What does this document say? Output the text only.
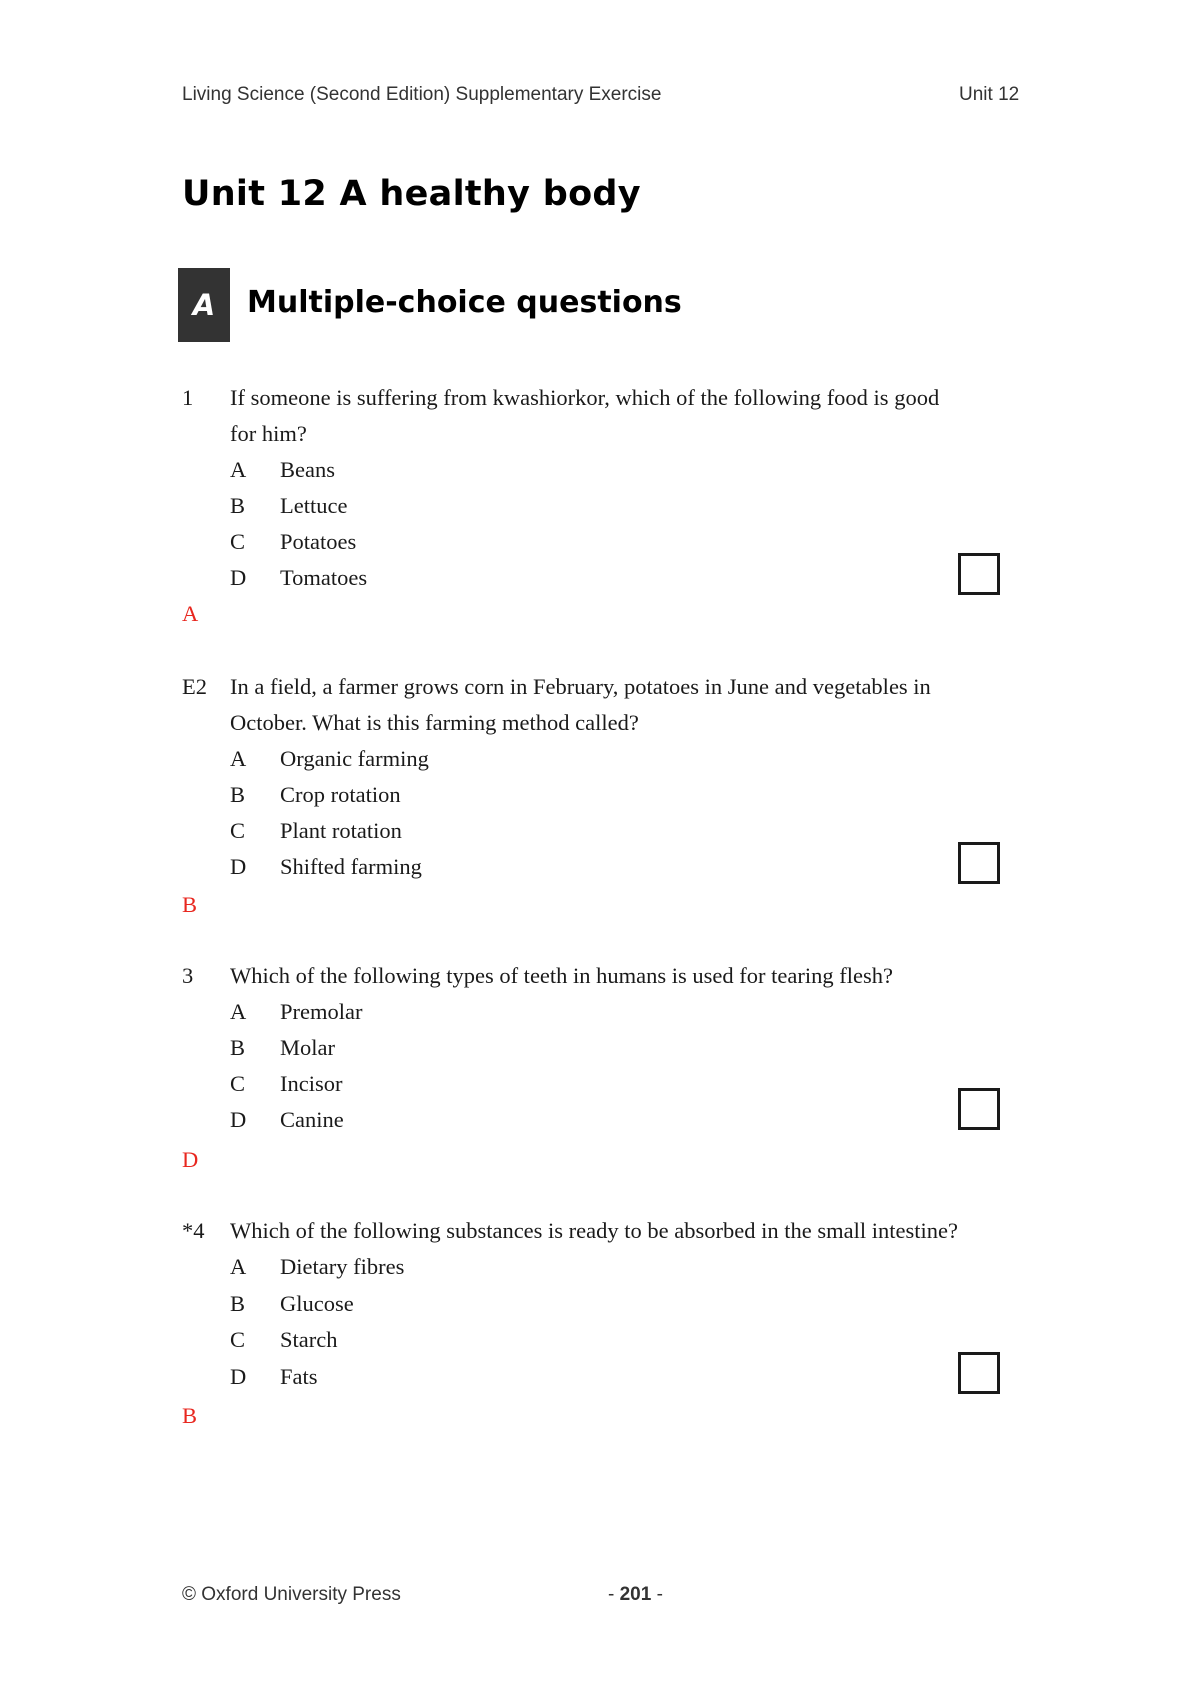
Living Science (Second Edition) Supplementary Exercise	Unit 12
Unit 12 A healthy body
A	Multiple-choice questions
1 If someone is suffering from kwashiorkor, which of the following food is good
for him?
A Beans
B Lettuce
C Potatoes
D Tomatoes
A
E2 In a field, a farmer grows corn in February, potatoes in June and vegetables in
October. What is this farming method called?
A Organic farming
B Crop rotation
C Plant rotation
D Shifted farming
B
3 Which of the following types of teeth in humans is used for tearing flesh?
A Premolar
B Molar
C Incisor
D Canine
D
*4 Which of the following substances is ready to be absorbed in the small intestine?
A Dietary fibres
B Glucose
C Starch
D Fats
B
© Oxford University Press	- 201 -
